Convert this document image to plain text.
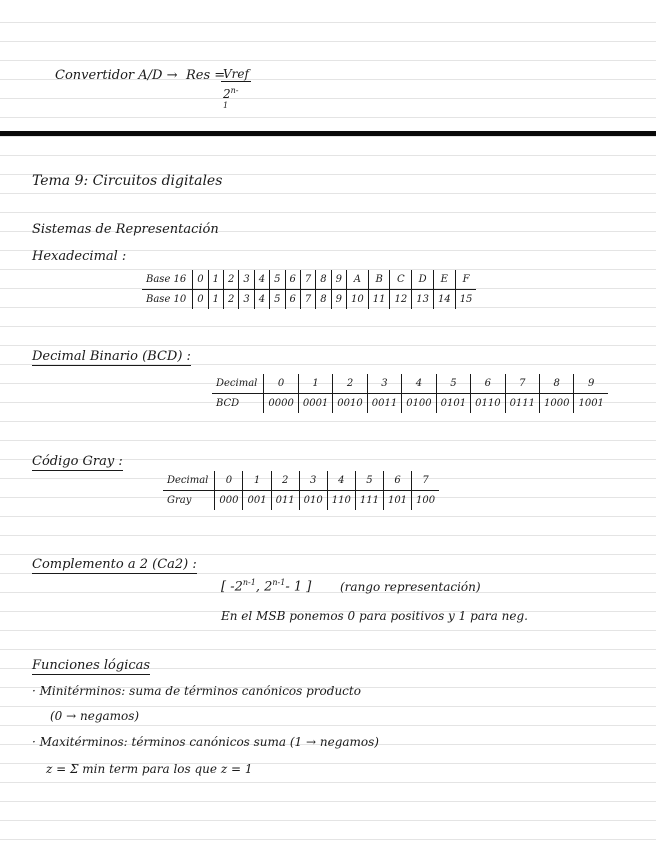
Convertidor A/D → Res =
Vref
2$^{n-1}$
Tema 9: Circuitos digitales
Sistemas de Representación
Hexadecimal :
Base 16	0	1	2	3	4	5	6	7	8	9	A	B	C	D	E	F
Base 10	0	1	2	3	4	5	6	7	8	9	10	11	12	13	14	15
Decimal Binario (BCD) :
Decimal	0	1	2	3	4	5	6	7	8	9
BCD	0000	0001	0010	0011	0100	0101	0110	0111	1000	1001
Código Gray :
Decimal	0	1	2	3	4	5	6	7
Gray	000	001	011	010	110	111	101	100
Complemento a 2 (Ca2) :
[ -2$^{n-1}$, 2$^{n-1}$- 1 ] (rango representación)
En el MSB ponemos 0 para positivos y 1 para neg.
Funciones lógicas
· Minitérminos: suma de términos canónicos producto
(0 → negamos)
· Maxitérminos: términos canónicos suma (1 → negamos)
z = Σ min term para los que z = 1
